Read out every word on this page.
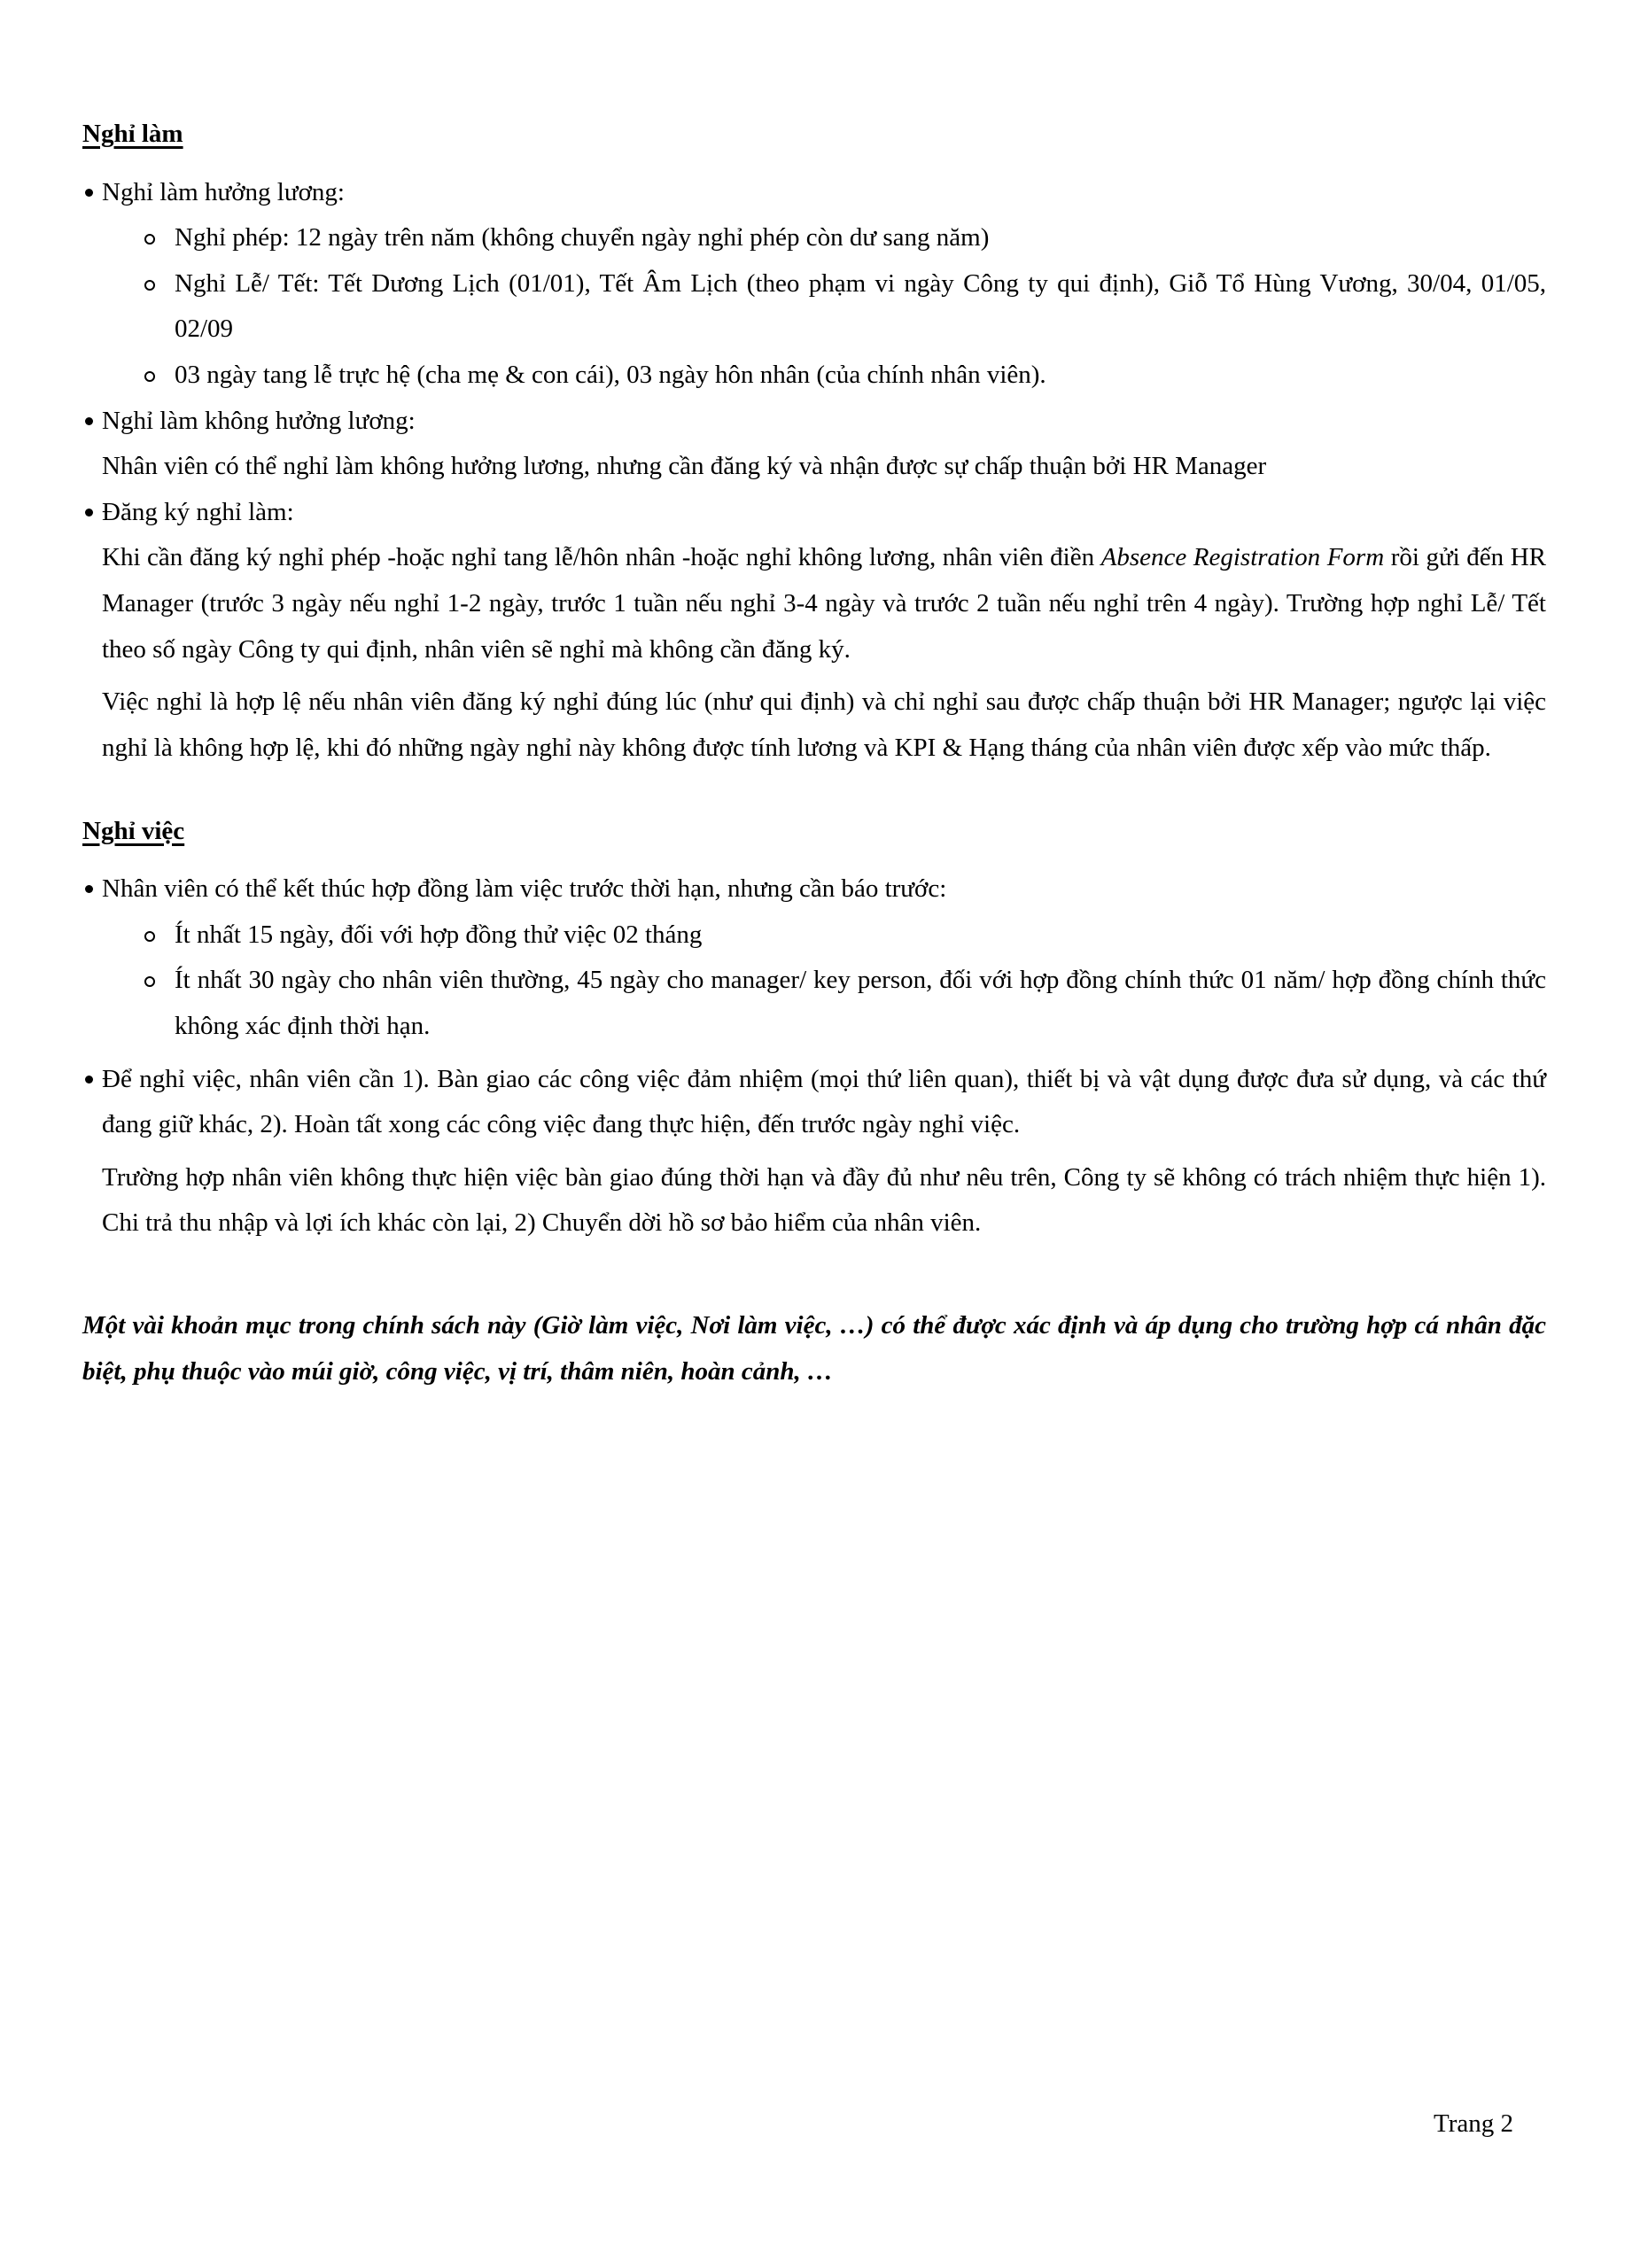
Nghỉ làm

Nghỉ làm hưởng lương:
Nghỉ phép: 12 ngày trên năm (không chuyển ngày nghỉ phép còn dư sang năm)
Nghỉ Lễ/ Tết: Tết Dương Lịch (01/01), Tết Âm Lịch (theo phạm vi ngày Công ty qui định), Giỗ Tổ Hùng Vương, 30/04, 01/05, 02/09
03 ngày tang lễ trực hệ (cha mẹ & con cái), 03 ngày hôn nhân (của chính nhân viên).
Nghỉ làm không hưởng lương:

Nhân viên có thể nghỉ làm không hưởng lương, nhưng cần đăng ký và nhận được sự chấp thuận bởi HR Manager

Đăng ký nghỉ làm:

Khi cần đăng ký nghỉ phép -hoặc nghỉ tang lễ/hôn nhân -hoặc nghỉ không lương, nhân viên điền Absence Registration Form rồi gửi đến HR Manager (trước 3 ngày nếu nghỉ 1-2 ngày, trước 1 tuần nếu nghỉ 3-4 ngày và trước 2 tuần nếu nghỉ trên 4 ngày). Trường hợp nghỉ Lễ/ Tết theo số ngày Công ty qui định, nhân viên sẽ nghỉ mà không cần đăng ký.

Việc nghỉ là hợp lệ nếu nhân viên đăng ký nghỉ đúng lúc (như qui định) và chỉ nghỉ sau được chấp thuận bởi HR Manager; ngược lại việc nghỉ là không hợp lệ, khi đó những ngày nghỉ này không được tính lương và KPI & Hạng tháng của nhân viên được xếp vào mức thấp.

Nghỉ việc

Nhân viên có thể kết thúc hợp đồng làm việc trước thời hạn, nhưng cần báo trước:
Ít nhất 15 ngày, đối với hợp đồng thử việc 02 tháng
Ít nhất 30 ngày cho nhân viên thường, 45 ngày cho manager/ key person, đối với hợp đồng chính thức 01 năm/ hợp đồng chính thức không xác định thời hạn.
Để nghỉ việc, nhân viên cần 1). Bàn giao các công việc đảm nhiệm (mọi thứ liên quan), thiết bị và vật dụng được đưa sử dụng, và các thứ đang giữ khác, 2). Hoàn tất xong các công việc đang thực hiện, đến trước ngày nghỉ việc.

Trường hợp nhân viên không thực hiện việc bàn giao đúng thời hạn và đầy đủ như nêu trên, Công ty sẽ không có trách nhiệm thực hiện 1). Chi trả thu nhập và lợi ích khác còn lại, 2) Chuyển dời hồ sơ bảo hiểm của nhân viên.

Một vài khoản mục trong chính sách này (Giờ làm việc, Nơi làm việc, …) có thể được xác định và áp dụng cho trường hợp cá nhân đặc biệt, phụ thuộc vào múi giờ, công việc, vị trí, thâm niên, hoàn cảnh, …

Trang 2
